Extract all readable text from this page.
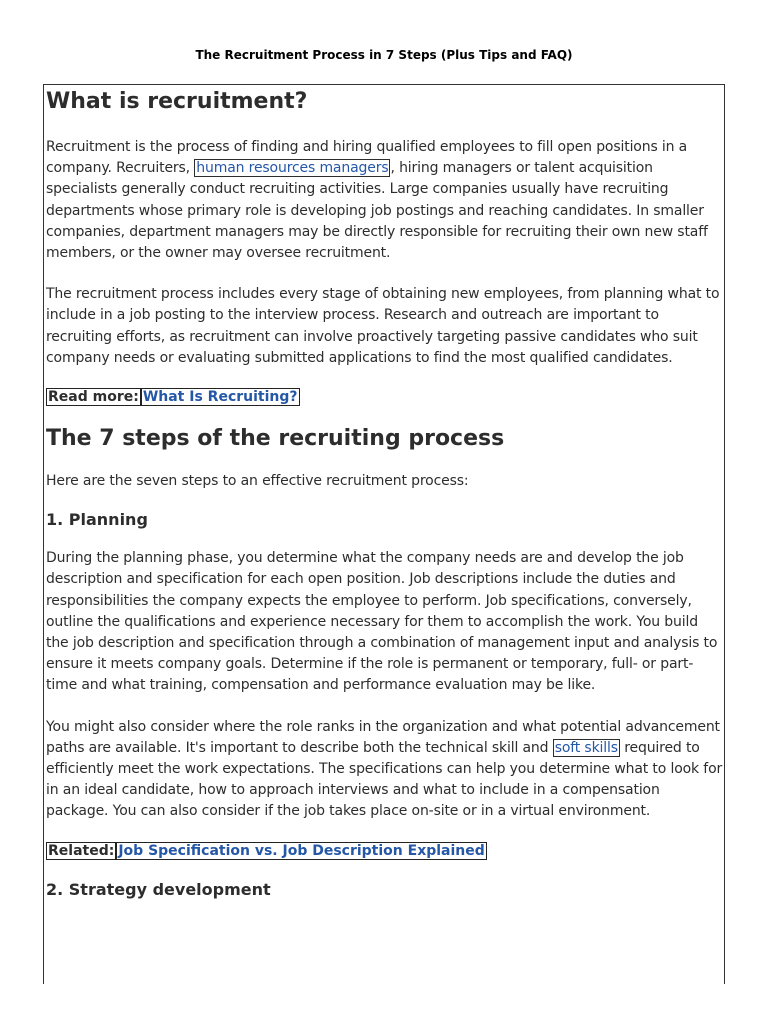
The Recruitment Process in 7 Steps (Plus Tips and FAQ)
What is recruitment?

Recruitment is the process of finding and hiring qualified employees to fill open positions in a company. Recruiters, human resources managers , hiring managers or talent acquisition specialists generally conduct recruiting activities. Large companies usually have recruiting departments whose primary role is developing job postings and reaching candidates. In smaller companies, department managers may be directly responsible for recruiting their own new staff members, or the owner may oversee recruitment.

The recruitment process includes every stage of obtaining new employees, from planning what to include in a job posting to the interview process. Research and outreach are important to recruiting efforts, as recruitment can involve proactively targeting passive candidates who suit company needs or evaluating submitted applications to find the most qualified candidates.

Read more: What Is Recruiting?
The 7 steps of the recruiting process

Here are the seven steps to an effective recruitment process:

1. Planning

During the planning phase, you determine what the company needs are and develop the job description and specification for each open position. Job descriptions include the duties and responsibilities the company expects the employee to perform. Job specifications, conversely, outline the qualifications and experience necessary for them to accomplish the work. You build the job description and specification through a combination of management input and analysis to ensure it meets company goals. Determine if the role is permanent or temporary, full- or part-time and what training, compensation and performance evaluation may be like.

You might also consider where the role ranks in the organization and what potential advancement paths are available. It's important to describe both the technical skill and soft skills required to efficiently meet the work expectations. The specifications can help you determine what to look for in an ideal candidate, how to approach interviews and what to include in a compensation package. You can also consider if the job takes place on-site or in a virtual environment.

Related: Job Specification vs. Job Description Explained
2. Strategy development
